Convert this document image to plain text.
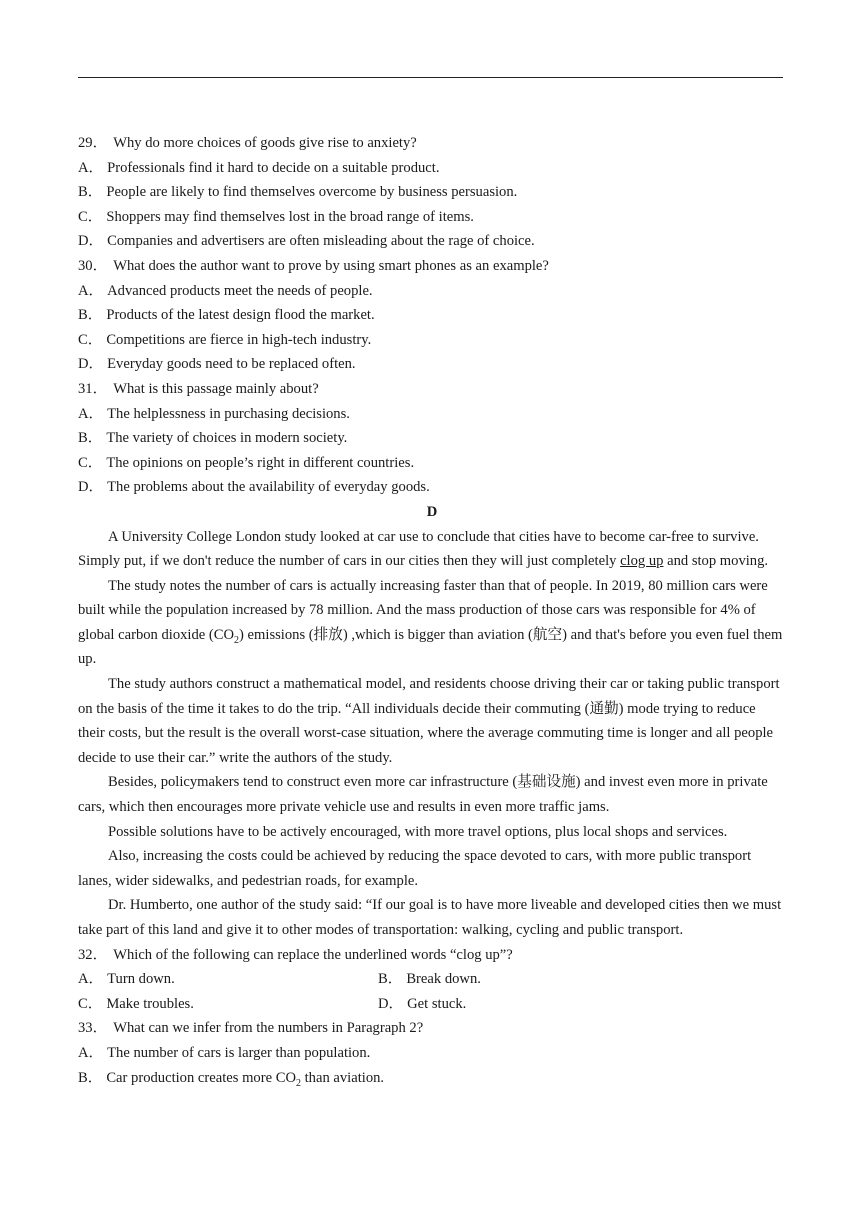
29． Why do more choices of goods give rise to anxiety?
A． Professionals find it hard to decide on a suitable product.
B． People are likely to find themselves overcome by business persuasion.
C． Shoppers may find themselves lost in the broad range of items.
D． Companies and advertisers are often misleading about the rage of choice.
30． What does the author want to prove by using smart phones as an example?
A． Advanced products meet the needs of people.
B． Products of the latest design flood the market.
C． Competitions are fierce in high-tech industry.
D． Everyday goods need to be replaced often.
31． What is this passage mainly about?
A． The helplessness in purchasing decisions.
B． The variety of choices in modern society.
C． The opinions on people’s right in different countries.
D． The problems about the availability of everyday goods.
D

A University College London study looked at car use to conclude that cities have to become car-free to survive. Simply put, if we don't reduce the number of cars in our cities then they will just completely clog up and stop moving.

The study notes the number of cars is actually increasing faster than that of people. In 2019, 80 million cars were built while the population increased by 78 million. And the mass production of those cars was responsible for 4% of global carbon dioxide $(CO_2)$ emissions (排放) ,which is bigger than aviation (航空) and that's before you even fuel them up.

The study authors construct a mathematical model, and residents choose driving their car or taking public transport on the basis of the time it takes to do the trip. “All individuals decide their commuting (通勤) mode trying to reduce their costs, but the result is the overall worst-case situation, where the average commuting time is longer and all people decide to use their car.” write the authors of the study.

Besides, policymakers tend to construct even more car infrastructure (基础设施) and invest even more in private cars, which then encourages more private vehicle use and results in even more traffic jams.

Possible solutions have to be actively encouraged, with more travel options, plus local shops and services.

Also, increasing the costs could be achieved by reducing the space devoted to cars, with more public transport lanes, wider sidewalks, and pedestrian roads, for example.

Dr. Humberto, one author of the study said: “If our goal is to have more liveable and developed cities then we must take part of this land and give it to other modes of transportation: walking, cycling and public transport.

32． Which of the following can replace the underlined words “clog up”?
A． Turn down.	B． Break down.
C． Make troubles.	D． Get stuck.
33． What can we infer from the numbers in Paragraph 2?
A． The number of cars is larger than population.
B． Car production creates more $CO_2$ than aviation.
